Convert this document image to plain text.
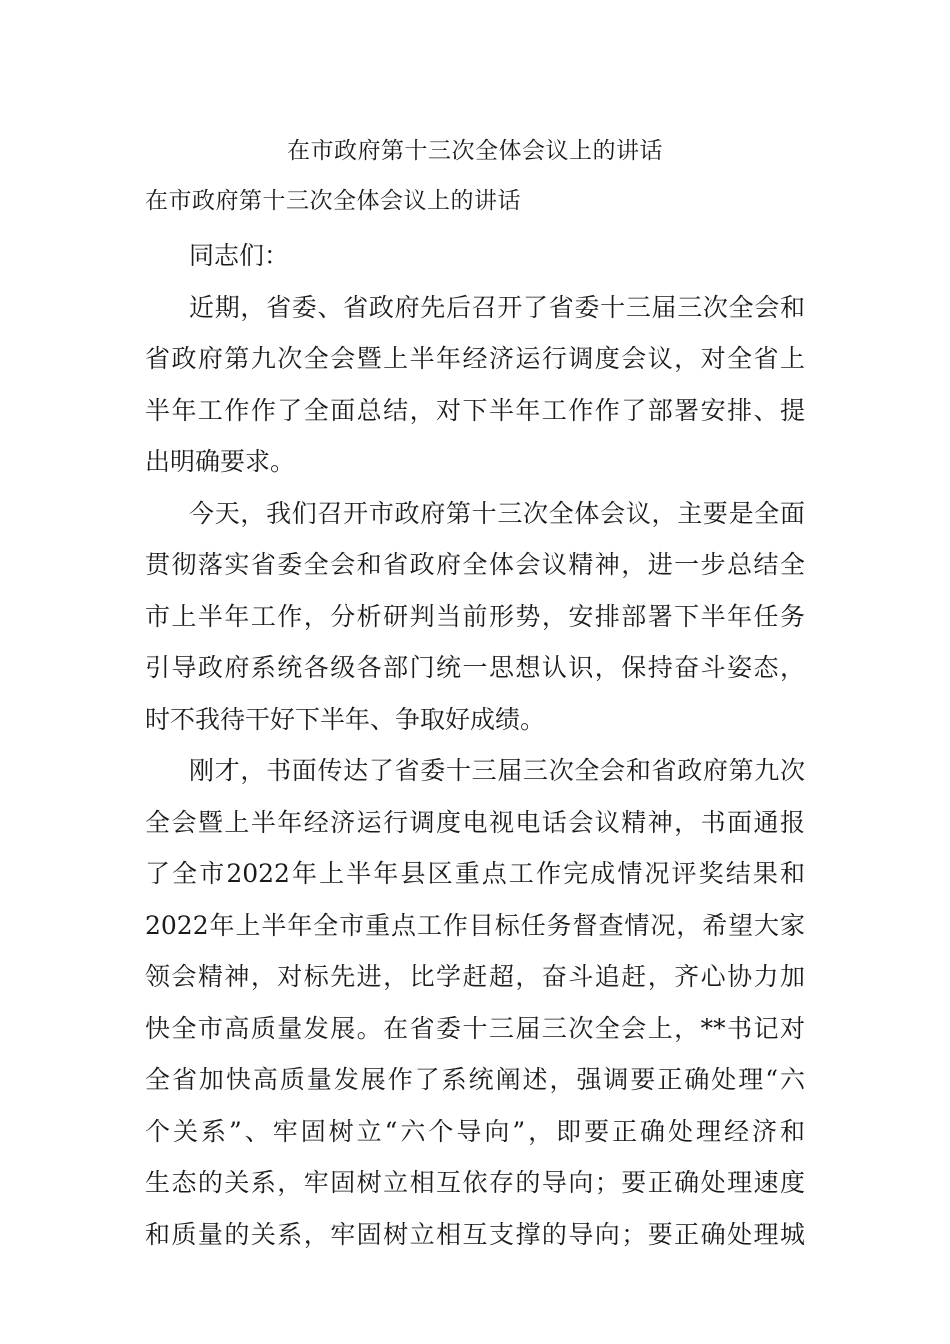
在市政府第十三次全体会议上的讲话
在市政府第十三次全体会议上的讲话
同志们：
近期，省委、省政府先后召开了省委十三届三次全会和
省政府第九次全会暨上半年经济运行调度会议，对全省上
半年工作作了全面总结，对下半年工作作了部署安排、提
出明确要求。
今天，我们召开市政府第十三次全体会议，主要是全面
贯彻落实省委全会和省政府全体会议精神，进一步总结全
市上半年工作，分析研判当前形势，安排部署下半年任务
引导政府系统各级各部门统一思想认识，保持奋斗姿态，
时不我待干好下半年、争取好成绩。
刚才，书面传达了省委十三届三次全会和省政府第九次
全会暨上半年经济运行调度电视电话会议精神，书面通报
了全市2022年上半年县区重点工作完成情况评奖结果和
2022年上半年全市重点工作目标任务督查情况，希望大家
领会精神，对标先进，比学赶超，奋斗追赶，齐心协力加
快全市高质量发展。在省委十三届三次全会上，**书记对
全省加快高质量发展作了系统阐述，强调要正确处理“六
个关系”、牢固树立“六个导向”，即要正确处理经济和
生态的关系，牢固树立相互依存的导向；要正确处理速度
和质量的关系，牢固树立相互支撑的导向；要正确处理城
